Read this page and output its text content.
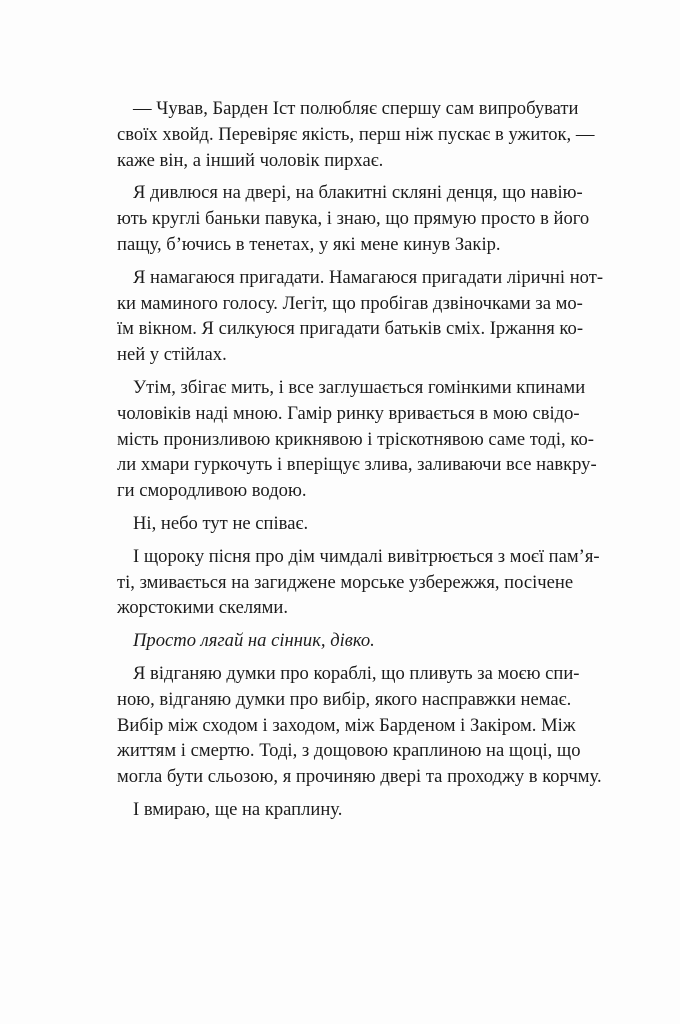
— Чував, Барден Іст полюбляє спершу сам випробувати
своїх хвойд. Перевіряє якість, перш ніж пускає в ужиток, —
каже він, а інший чоловік пирхає.
Я дивлюся на двері, на блакитні скляні денця, що навію-
ють круглі баньки павука, і знаю, що прямую просто в його
пащу, б’ючись в тенетах, у які мене кинув Закір.
Я намагаюся пригадати. Намагаюся пригадати ліричні нот-
ки маминого голосу. Легіт, що пробігав дзвіночками за мо-
їм вікном. Я силкуюся пригадати батьків сміх. Іржання ко-
ней у стійлах.
Утім, збігає мить, і все заглушається гомінкими кпинами
чоловіків наді мною. Гамір ринку вривається в мою свідо-
мість пронизливою крикнявою і тріскотнявою саме тоді, ко-
ли хмари гуркочуть і вперіщує злива, заливаючи все навкру-
ги смородливою водою.
Ні, небо тут не співає.
І щороку пісня про дім чимдалі вивітрюється з моєї пам’я-
ті, змивається на загиджене морське узбережжя, посічене
жорстокими скелями.
Просто лягай на сінник, дівко.
Я відганяю думки про кораблі, що пливуть за моєю спи-
ною, відганяю думки про вибір, якого насправжки немає.
Вибір між сходом і заходом, між Барденом і Закіром. Між
життям і смертю. Тоді, з дощовою краплиною на щоці, що
могла бути сльозою, я прочиняю двері та проходжу в корчму.
І вмираю, ще на краплину.
